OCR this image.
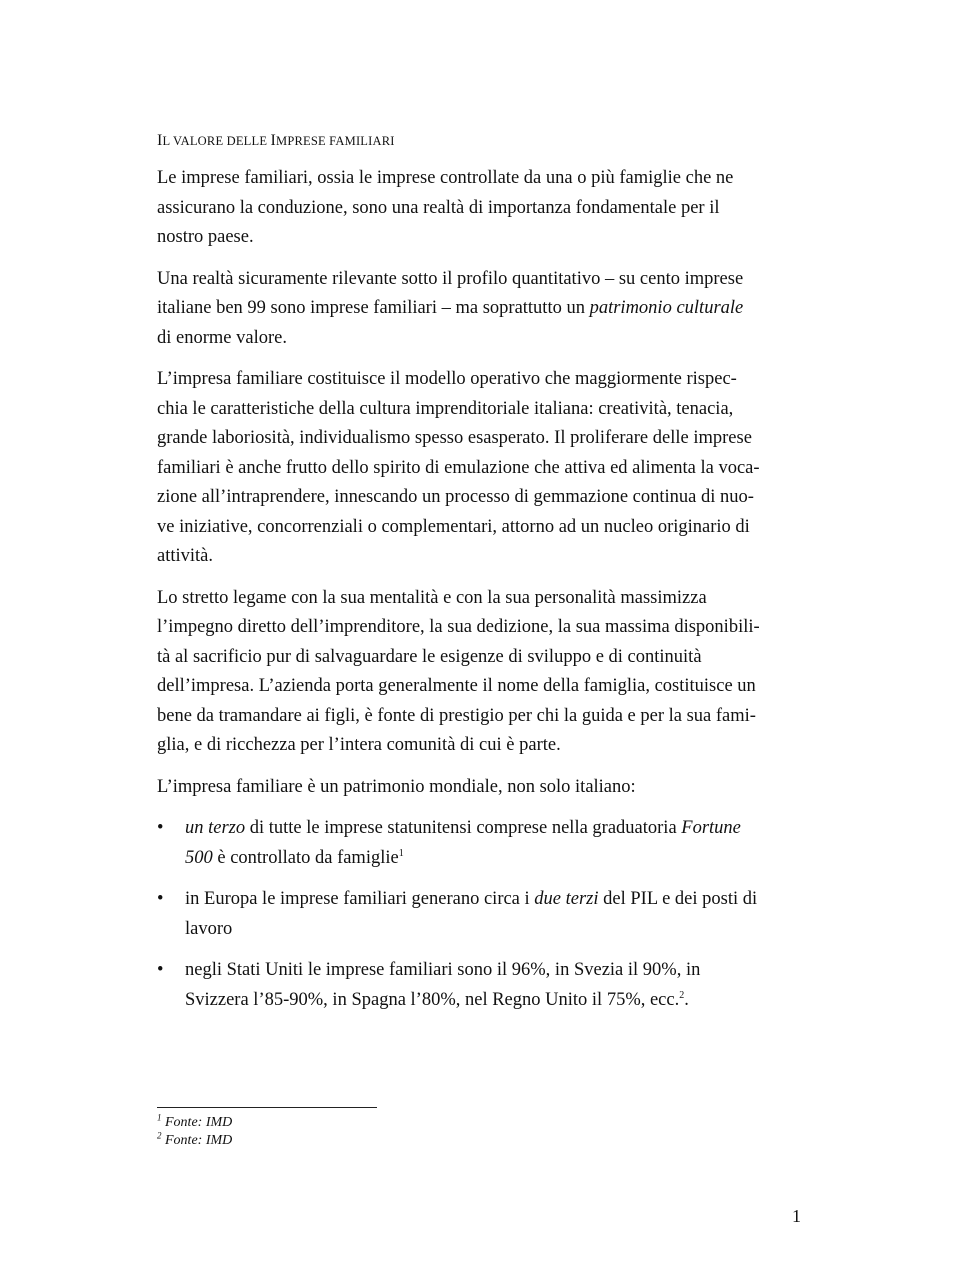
IL VALORE DELLE IMPRESE FAMILIARI

Le imprese familiari, ossia le imprese controllate da una o più famiglie che ne
assicurano la conduzione, sono una realtà di importanza fondamentale per il
nostro paese.

Una realtà sicuramente rilevante sotto il profilo quantitativo – su cento imprese
italiane ben 99 sono imprese familiari – ma soprattutto un patrimonio culturale
di enorme valore.

L’impresa familiare costituisce il modello operativo che maggiormente rispec-
chia le caratteristiche della cultura imprenditoriale italiana: creatività, tenacia,
grande laboriosità, individualismo spesso esasperato. Il proliferare delle imprese
familiari è anche frutto dello spirito di emulazione che attiva ed alimenta la voca-
zione all’intraprendere, innescando un processo di gemmazione continua di nuo-
ve iniziative, concorrenziali o complementari, attorno ad un nucleo originario di
attività.

Lo stretto legame con la sua mentalità e con la sua personalità massimizza
l’impegno diretto dell’imprenditore, la sua dedizione, la sua massima disponibili-
tà al sacrificio pur di salvaguardare le esigenze di sviluppo e di continuità
dell’impresa. L’azienda porta generalmente il nome della famiglia, costituisce un
bene da tramandare ai figli, è fonte di prestigio per chi la guida e per la sua fami-
glia, e di ricchezza per l’intera comunità di cui è parte.

L’impresa familiare è un patrimonio mondiale, non solo italiano:

• un terzo di tutte le imprese statunitensi comprese nella graduatoria Fortune
500 è controllato da famiglie$^1$
• in Europa le imprese familiari generano circa i due terzi del PIL e dei posti di
lavoro
• negli Stati Uniti le imprese familiari sono il 96%, in Svezia il 90%, in
Svizzera l’85-90%, in Spagna l’80%, nel Regno Unito il 75%, ecc.$^2$.
$^1$ Fonte: IMD
$^2$ Fonte: IMD
1
